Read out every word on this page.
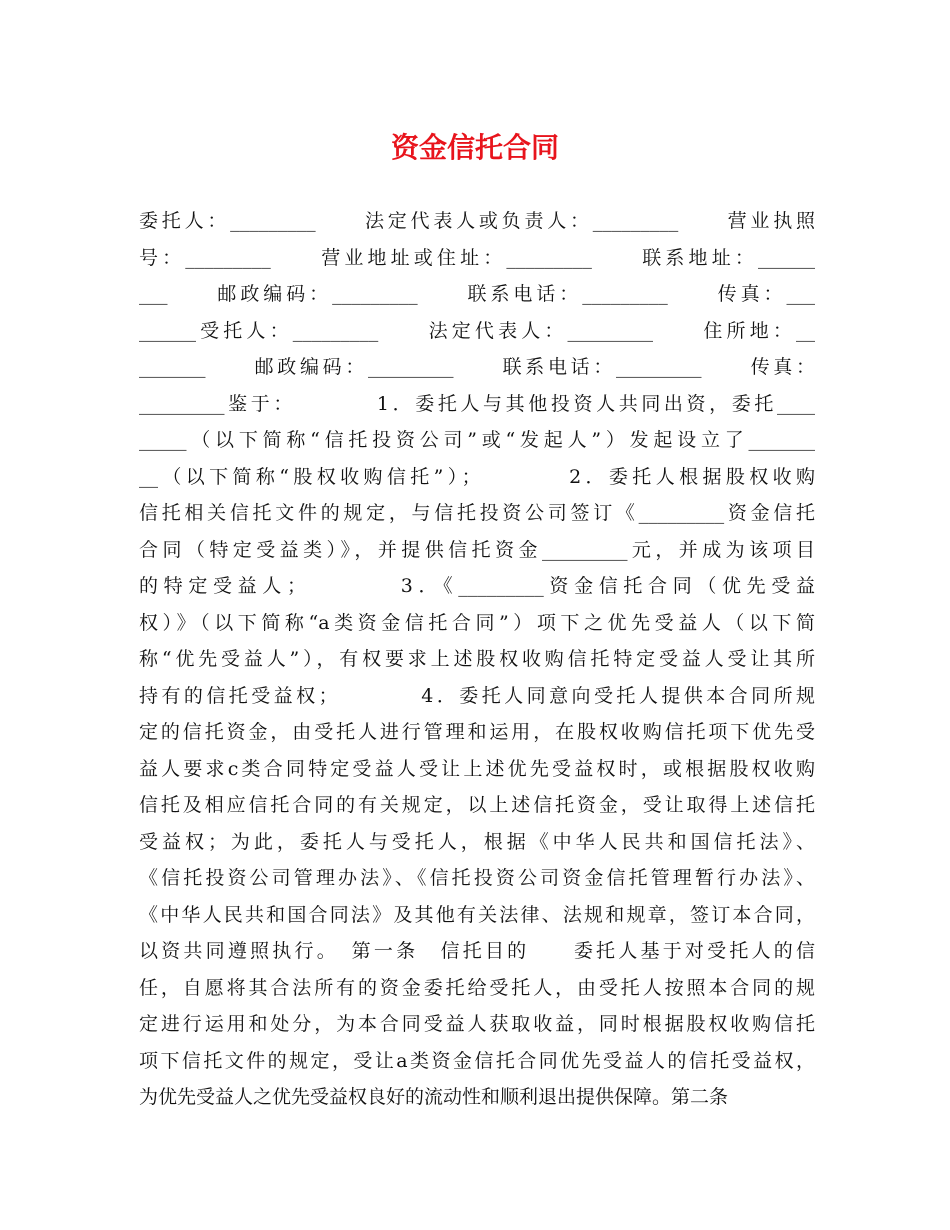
资金信托合同
委托人：_________　　法定代表人或负责人：_________　　营业执照
号：_________　　营业地址或住址：_________　　联系地址：______
___　　邮政编码：_________　　联系电话：_________　　传真：___
______受托人：_________　　法定代表人：_________　　住所地：__
_______　　邮政编码：_________　　联系电话：_________　　传真：
_________鉴于：　　　　1．委托人与其他投资人共同出资，委托____
_____（以下简称“信托投资公司”或“发起人”）发起设立了_______
__（以下简称“股权收购信托”）；　　　　2．委托人根据股权收购
信托相关信托文件的规定，与信托投资公司签订《_________资金信托
合同（特定受益类）》，并提供信托资金_________元，并成为该项目
的特定受益人；　　　　3．《_________资金信托合同（优先受益
权）》（以下简称“a类资金信托合同”）项下之优先受益人（以下简
称“优先受益人”），有权要求上述股权收购信托特定受益人受让其所
持有的信托受益权；　　　　4．委托人同意向受托人提供本合同所规
定的信托资金，由受托人进行管理和运用，在股权收购信托项下优先受
益人要求c类合同特定受益人受让上述优先受益权时，或根据股权收购
信托及相应信托合同的有关规定，以上述信托资金，受让取得上述信托
受益权；为此，委托人与受托人，根据《中华人民共和国信托法》、
《信托投资公司管理办法》、《信托投资公司资金信托管理暂行办法》、
《中华人民共和国合同法》及其他有关法律、法规和规章，签订本合同，
以资共同遵照执行。　第一条　信托目的　　委托人基于对受托人的信
任，自愿将其合法所有的资金委托给受托人，由受托人按照本合同的规
定进行运用和处分，为本合同受益人获取收益，同时根据股权收购信托
项下信托文件的规定，受让a类资金信托合同优先受益人的信托受益权，
为优先受益人之优先受益权良好的流动性和顺利退出提供保障。第二条
